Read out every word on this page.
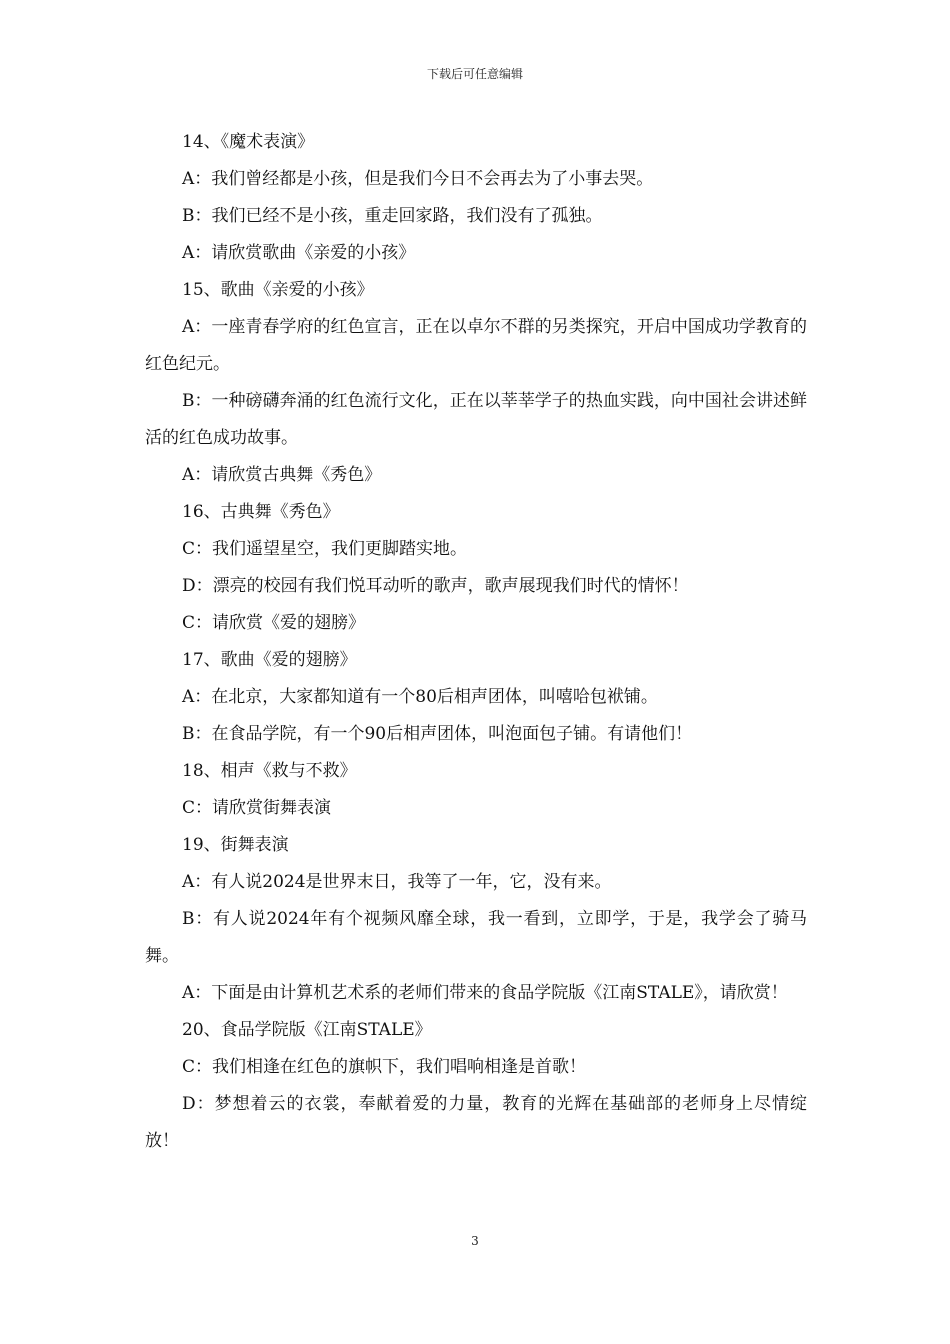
下载后可任意编辑

14、《魔术表演》

A：我们曾经都是小孩，但是我们今日不会再去为了小事去哭。

B：我们已经不是小孩，重走回家路，我们没有了孤独。

A：请欣赏歌曲《亲爱的小孩》

15、歌曲《亲爱的小孩》

A：一座青春学府的红色宣言，正在以卓尔不群的另类探究，开启中国成功学教育的红色纪元。

B：一种磅礴奔涌的红色流行文化，正在以莘莘学子的热血实践，向中国社会讲述鲜活的红色成功故事。

A：请欣赏古典舞《秀色》

16、古典舞《秀色》

C：我们遥望星空，我们更脚踏实地。

D：漂亮的校园有我们悦耳动听的歌声，歌声展现我们时代的情怀！

C：请欣赏《爱的翅膀》

17、歌曲《爱的翅膀》

A：在北京，大家都知道有一个80后相声团体，叫嘻哈包袱铺。

B：在食品学院，有一个90后相声团体，叫泡面包子铺。有请他们！

18、相声《救与不救》

C：请欣赏街舞表演

19、街舞表演

A：有人说2024是世界末日，我等了一年，它，没有来。

B：有人说2024年有个视频风靡全球，我一看到，立即学，于是，我学会了骑马舞。

A：下面是由计算机艺术系的老师们带来的食品学院版《江南STALE》，请欣赏！

20、食品学院版《江南STALE》

C：我们相逢在红色的旗帜下，我们唱响相逢是首歌！

D：梦想着云的衣裳，奉献着爱的力量，教育的光辉在基础部的老师身上尽情绽放！

3
